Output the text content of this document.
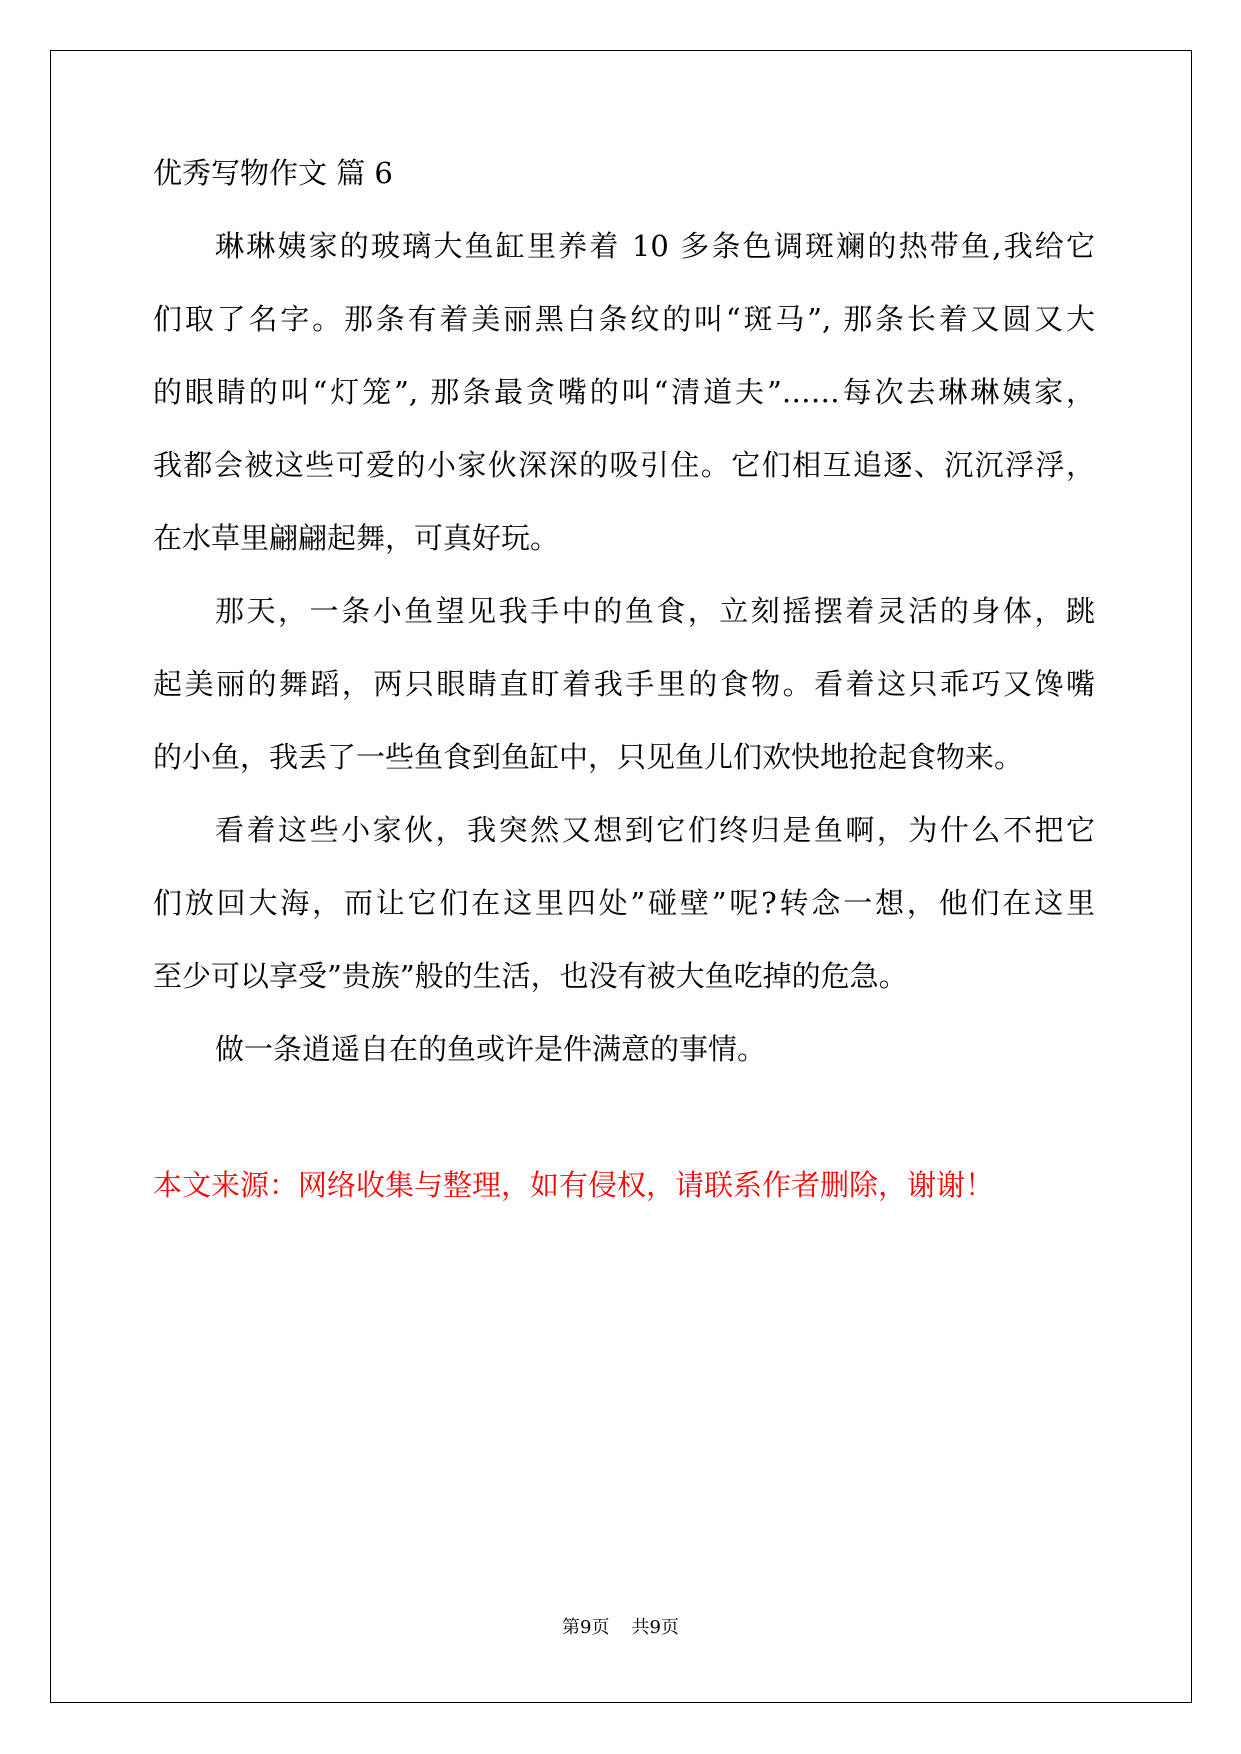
优秀写物作文 篇 6
琳琳姨家的玻璃大鱼缸里养着 10 多条色调斑斓的热带鱼,我给它
们取了名字。那条有着美丽黑白条纹的叫“斑马”, 那条长着又圆又大
的眼睛的叫“灯笼”, 那条最贪嘴的叫“清道夫”……每次去琳琳姨家，
我都会被这些可爱的小家伙深深的吸引住。它们相互追逐、沉沉浮浮，
在水草里翩翩起舞，可真好玩。
那天，一条小鱼望见我手中的鱼食，立刻摇摆着灵活的身体，跳
起美丽的舞蹈，两只眼睛直盯着我手里的食物。看着这只乖巧又馋嘴
的小鱼，我丢了一些鱼食到鱼缸中，只见鱼儿们欢快地抢起食物来。
看着这些小家伙，我突然又想到它们终归是鱼啊，为什么不把它
们放回大海，而让它们在这里四处”碰壁”呢?转念一想，他们在这里
至少可以享受”贵族”般的生活，也没有被大鱼吃掉的危急。
做一条逍遥自在的鱼或许是件满意的事情。
本文来源：网络收集与整理，如有侵权，请联系作者删除，谢谢！
第9页 共9页
